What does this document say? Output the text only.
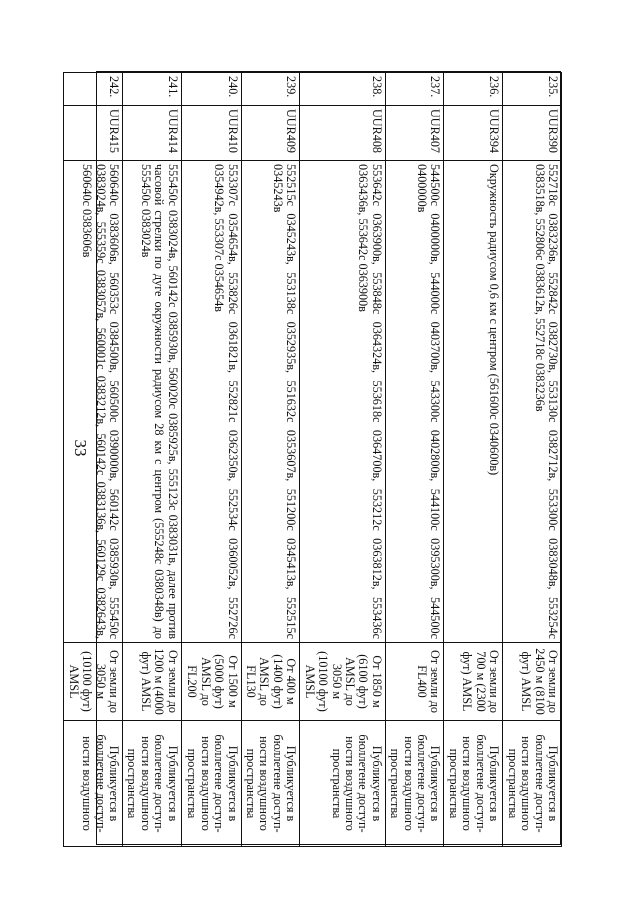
33
235.	UUR390	552718с 0383236в, 552842с 0382730в, 553130с 0382712в, 553300с 0383048в, 553254с 0383518в, 552806с 0383612в, 552718с 0383236в	От земли до 2450 м (8100 фут) AMSL	Публикуется в бюллетене доступ-ности воздушного пространства
236.	UUR394	Окружность радиусом 0,6 км с центром (561600с 0340600в)	От земли до 700 м (2300 фут) AMSL	Публикуется в бюллетене доступ-ности воздушного пространства
237.	UUR407	544500с 0400000в, 544000с 0403700в, 543300с 0402800в, 544100с 0395300в, 544500с 0400000в	От земли до FL400	Публикуется в бюллетене доступ-ности воздушного пространства
238.	UUR408	553642с 0363900в, 553848с 0364324в, 553618с 0364700в, 553212с 0363812в, 553436с 0363436в, 553642с 0363900в	От 1850 м (6100 фут) AMSL до 3050 м (10100 фут) AMSL	Публикуется в бюллетене доступ-ности воздушного пространства
239.	UUR409	552515с 0345243в, 553138с 0352935в, 551632с 0353607в, 551200с 0345413в, 552515с 0345243в	От 400 м (1400 фут) AMSL до FL130	Публикуется в бюллетене доступ-ности воздушного пространства
240.	UUR410	553307с 0354654в, 553826с 0361821в, 552821с 0362350в, 552534с 0360052в, 552726с 0354942в, 553307с 0354654в	От 1500 м (5000 фут) AMSL до FL200	Публикуется в бюллетене доступ-ности воздушного пространства
241.	UUR414	555450с 0383024в, 560142с 0385930в, 560020с 0385925в, 555123с 0383031в, далее против часовой стрелки по дуге окружности радиусом 28 км с центром (555248с 0380348в) до 555450с 0383024в	От земли до 1200 м (4000 фут) AMSL	Публикуется в бюллетене доступ-ности воздушного пространства
242.	UUR415	560640с 0383606в, 560353с 0384500в, 560500с 0390000в, 560142с 0385930в, 555450с 0383024в, 555359с 0383057в, 560001с 0383212в, 560142с 0383136в, 560129с 0382643в, 560640с 0383606в	От земли до 3050 м (10100 фут) AMSL	Публикуется в бюллетене доступ-ности воздушного
